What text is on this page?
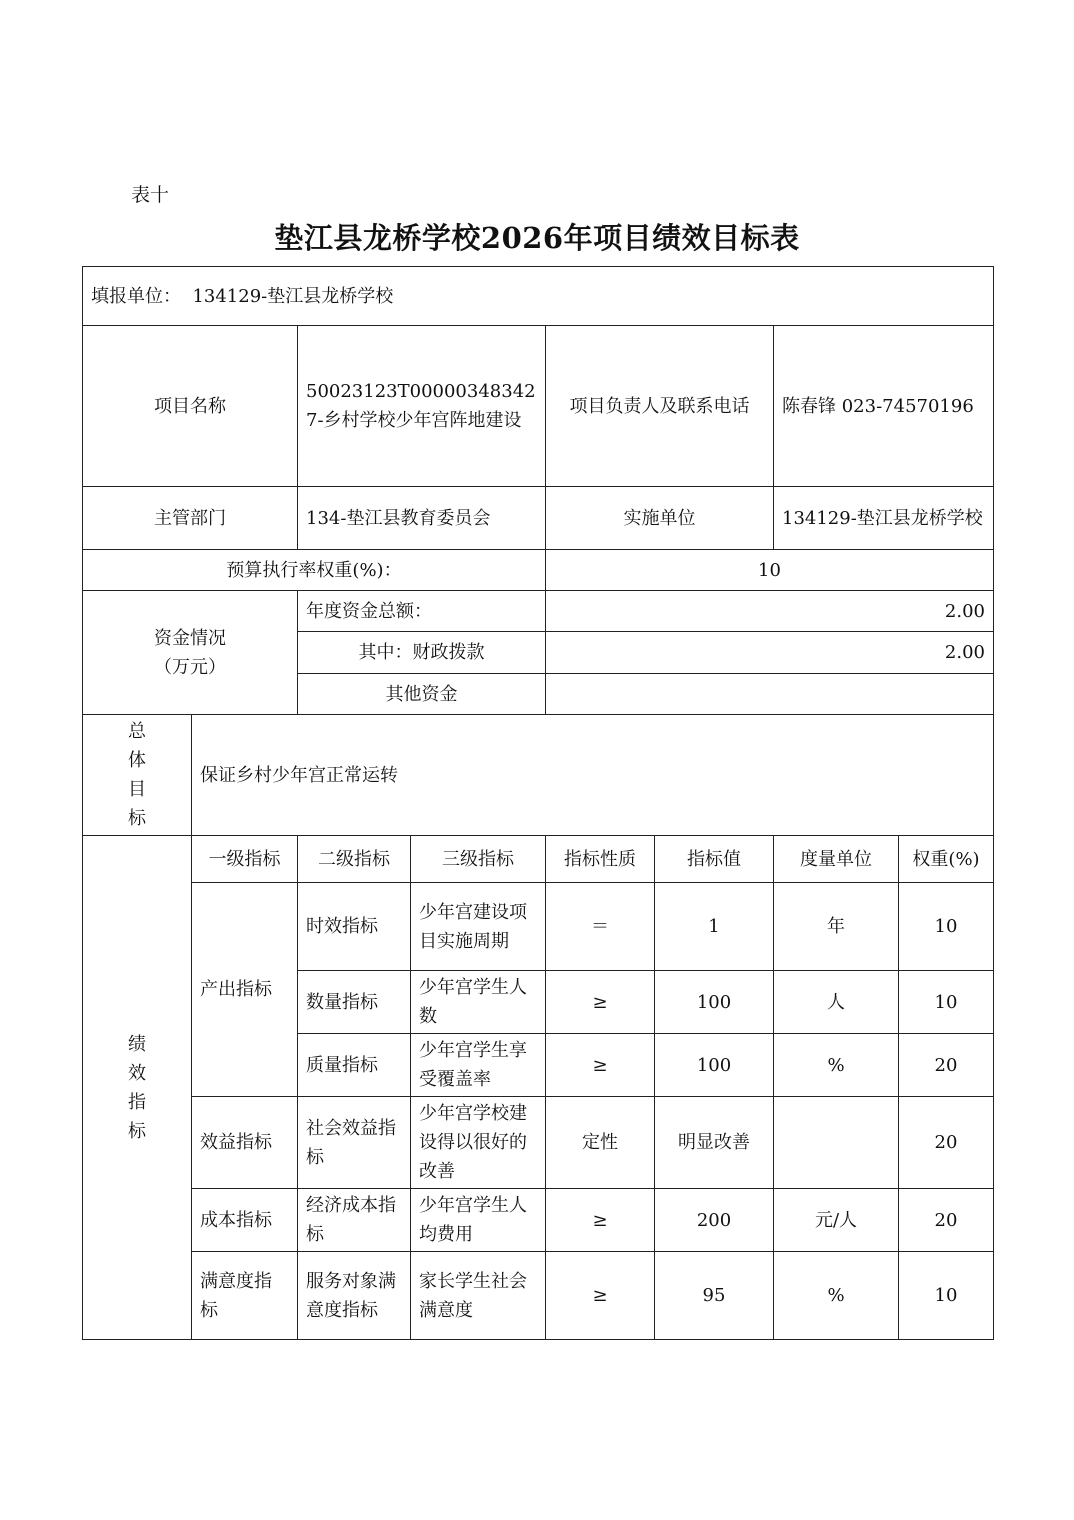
表十
垫江县龙桥学校2026年项目绩效目标表
填报单位： 134129-垫江县龙桥学校							
项目名称		50023123T000003483427-乡村学校少年宫阵地建设		项目负责人及联系电话		陈春锋 023-74570196	
主管部门		134-垫江县教育委员会		实施单位		134129-垫江县龙桥学校	
预算执行率权重(%)：				10			
资金情况
（万元）		年度资金总额：		2.00			
		其中：财政拨款		2.00			
		其他资金					

总
体
目
标	保证乡村少年宫正常运转						

绩
效
指
标	一级指标	二级指标	三级指标	指标性质	指标值	度量单位	权重(%)
	产出指标	时效指标	少年宫建设项目实施周期	＝	1	年	10
		数量指标	少年宫学生人数	≥	100	人	10
		质量指标	少年宫学生享受覆盖率	≥	100	%	20
	效益指标	社会效益指标	少年宫学校建设得以很好的改善	定性	明显改善		20
	成本指标	经济成本指标	少年宫学生人均费用	≥	200	元/人	20
	满意度指标	服务对象满意度指标	家长学生社会满意度	≥	95	%	10
